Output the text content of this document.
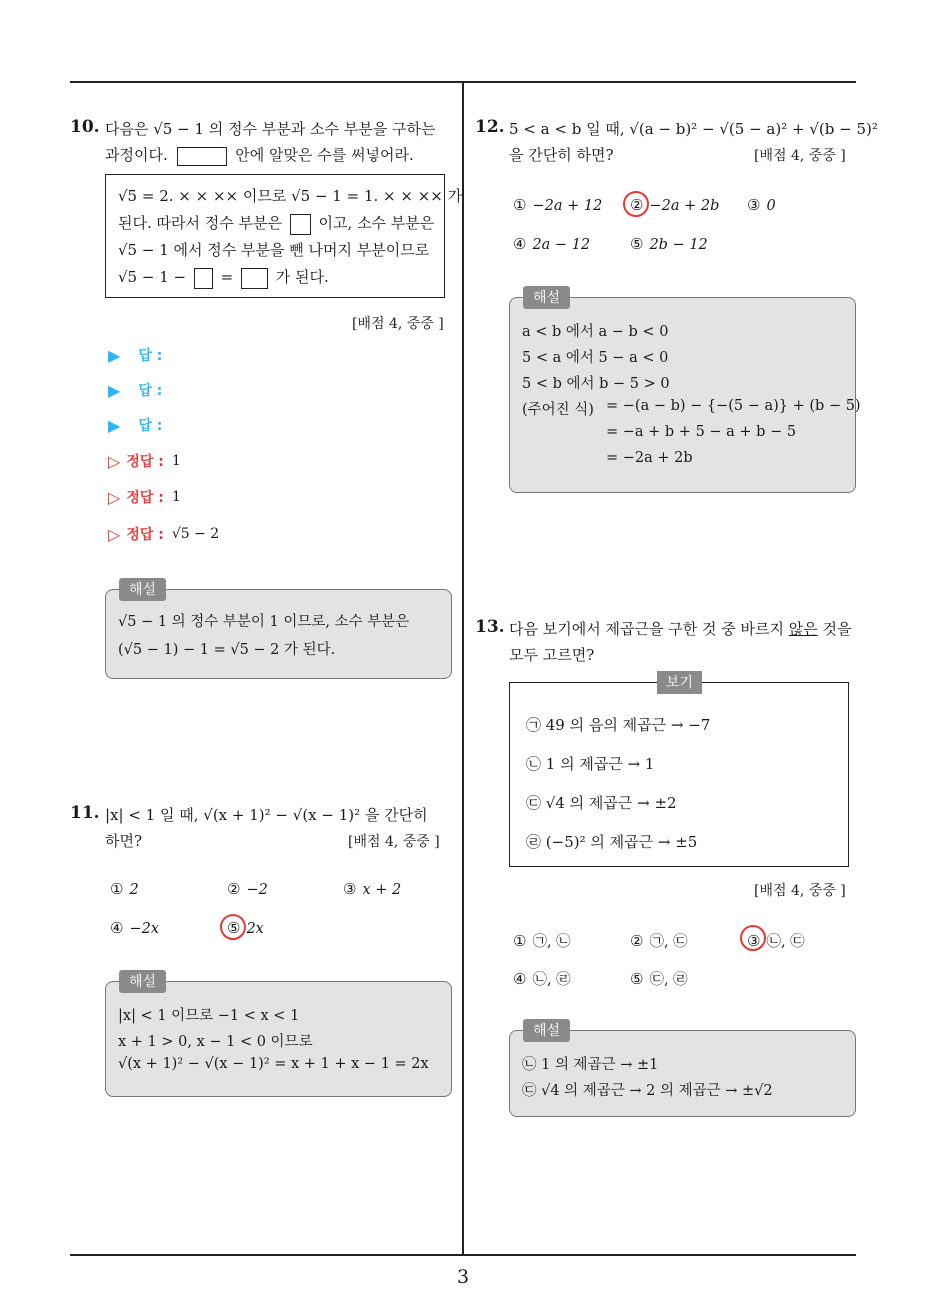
3
10. 다음은 √5 − 1 의 정수 부분과 소수 부분을 구하는
과정이다.	안에 알맞은 수를 써넣어라.
√5 = 2. × × ×× 이므로 √5 − 1 = 1. × × ×× 가
된다. 따라서 정수 부분은 이고, 소수 부분은
√5 − 1 에서 정수 부분을 뺀 나머지 부분이므로
√5 − 1 − =	가 된다.
[배점 4, 중중 ]
▶ 답 :
▶ 답 :
▶ 답 :
▷ 정답 : 1
▷ 정답 : 1
▷ 정답 : √5 − 2
√5 − 1 의 정수 부분이 1 이므로, 소수 부분은
(√5 − 1) − 1 = √5 − 2 가 된다.
해설
11. |x| < 1 일 때, √(x + 1)² − √(x − 1)² 을 간단히
하면?	[배점 4, 중중 ]
① 2	② −2	③ x + 2
④ −2x	⑤ 2x
|x| < 1 이므로 −1 < x < 1
x + 1 > 0, x − 1 < 0 이므로
√(x + 1)² − √(x − 1)² = x + 1 + x − 1 = 2x
해설
12. 5 < a < b 일 때, √(a − b)² − √(5 − a)² + √(b − 5)²
을 간단히 하면?	[배점 4, 중중 ]
① −2a + 12 ② −2a + 2b ③ 0
④ 2a − 12	⑤ 2b − 12
a < b 에서 a − b < 0
5 < a 에서 5 − a < 0
5 < b 에서 b − 5 > 0
(주어진 식) = −(a − b) − {−(5 − a)} + (b − 5)
= −a + b + 5 − a + b − 5
= −2a + 2b
해설
13. 다음 보기에서 제곱근을 구한 것 중 바르지 않은 것을
모두 고르면?
㉠ 49 의 음의 제곱근 → −7
㉡ 1 의 제곱근 → 1
㉢ √4 의 제곱근 → ±2
㉣ (−5)² 의 제곱근 → ±5
보기
[배점 4, 중중 ]
① ㉠, ㉡	② ㉠, ㉢	③ ㉡, ㉢
④ ㉡, ㉣	⑤ ㉢, ㉣
㉡ 1 의 제곱근 → ±1
㉢ √4 의 제곱근 → 2 의 제곱근 → ±√2
해설
